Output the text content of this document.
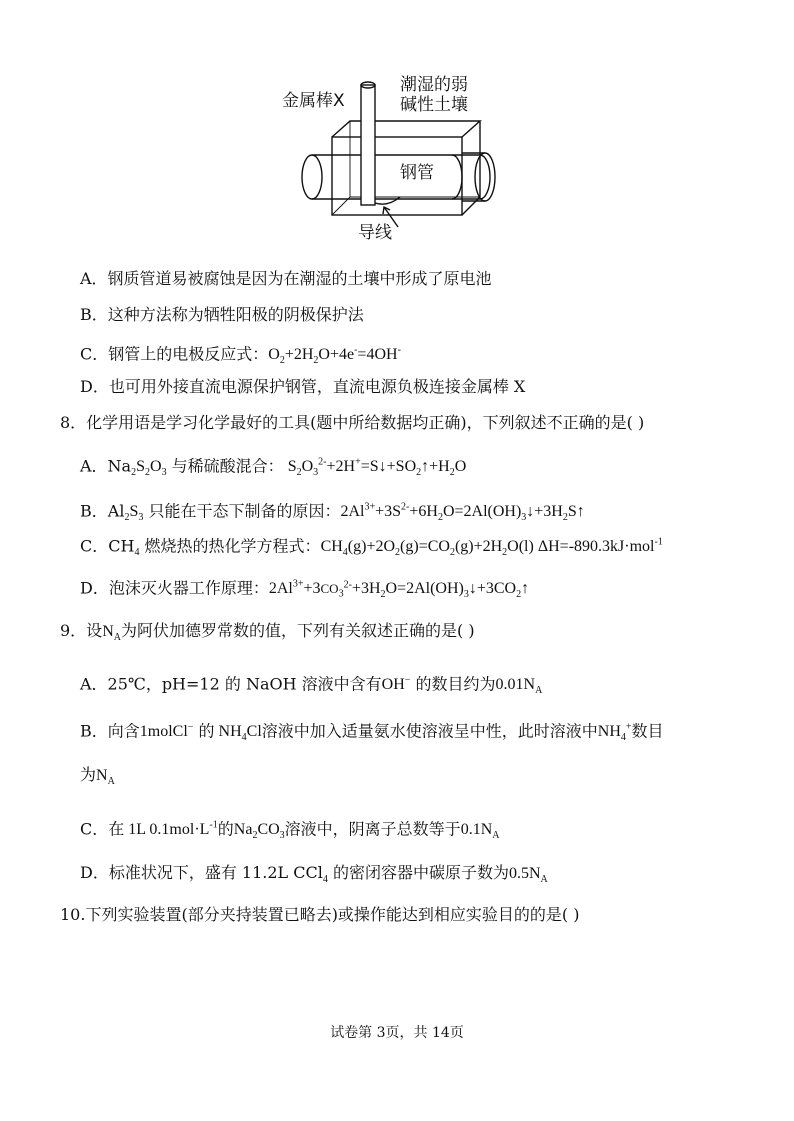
金属棒X
潮湿的弱
碱性土壤
钢管
导线
A．钢质管道易被腐蚀是因为在潮湿的土壤中形成了原电池
B．这种方法称为牺牲阳极的阴极保护法
C．钢管上的电极反应式：$O_2+2H_2O+4e^-=4OH^-$
D．也可用外接直流电源保护钢管，直流电源负极连接金属棒 X
8．化学用语是学习化学最好的工具(题中所给数据均正确)，下列叙述不正确的是( )
A．$Na_2S_2O_3$ 与稀硫酸混合： $S_2O_3^{2-}+2H^+=S↓+SO_2↑+H_2O$
B．$Al_2S_3$ 只能在干态下制备的原因：$2Al^{3+}+3S^{2-}+6H_2O=2Al(OH)_3↓+3H_2S↑$
C．$CH_4$ 燃烧热的热化学方程式：$CH_4(g)+2O_2(g)=CO_2(g)+2H_2O(l)$ ΔH=-890.3kJ·mol$^{-1}$
D．泡沫灭火器工作原理：$2Al^{3+}+3CO_3^{2-}+3H_2O=2Al(OH)_3↓+3CO_2↑$
9．设$N_A$为阿伏加德罗常数的值，下列有关叙述正确的是( )
A．25℃，pH=12 的 NaOH 溶液中含有OH− 的数目约为$0.01N_A$
B．向含1molCl− 的 $NH_4Cl$溶液中加入适量氨水使溶液呈中性，此时溶液中$NH_4^+$数目
为$N_A$
C．在 1L $0.1mol\cdot L^{-1}$的$Na_2CO_3$溶液中，阴离子总数等于$0.1N_A$
D．标准状况下，盛有 11.2L CCl$_4$ 的密闭容器中碳原子数为$0.5N_A$
10.下列实验装置(部分夹持装置已略去)或操作能达到相应实验目的的是( )
试卷第 3页，共 14页
